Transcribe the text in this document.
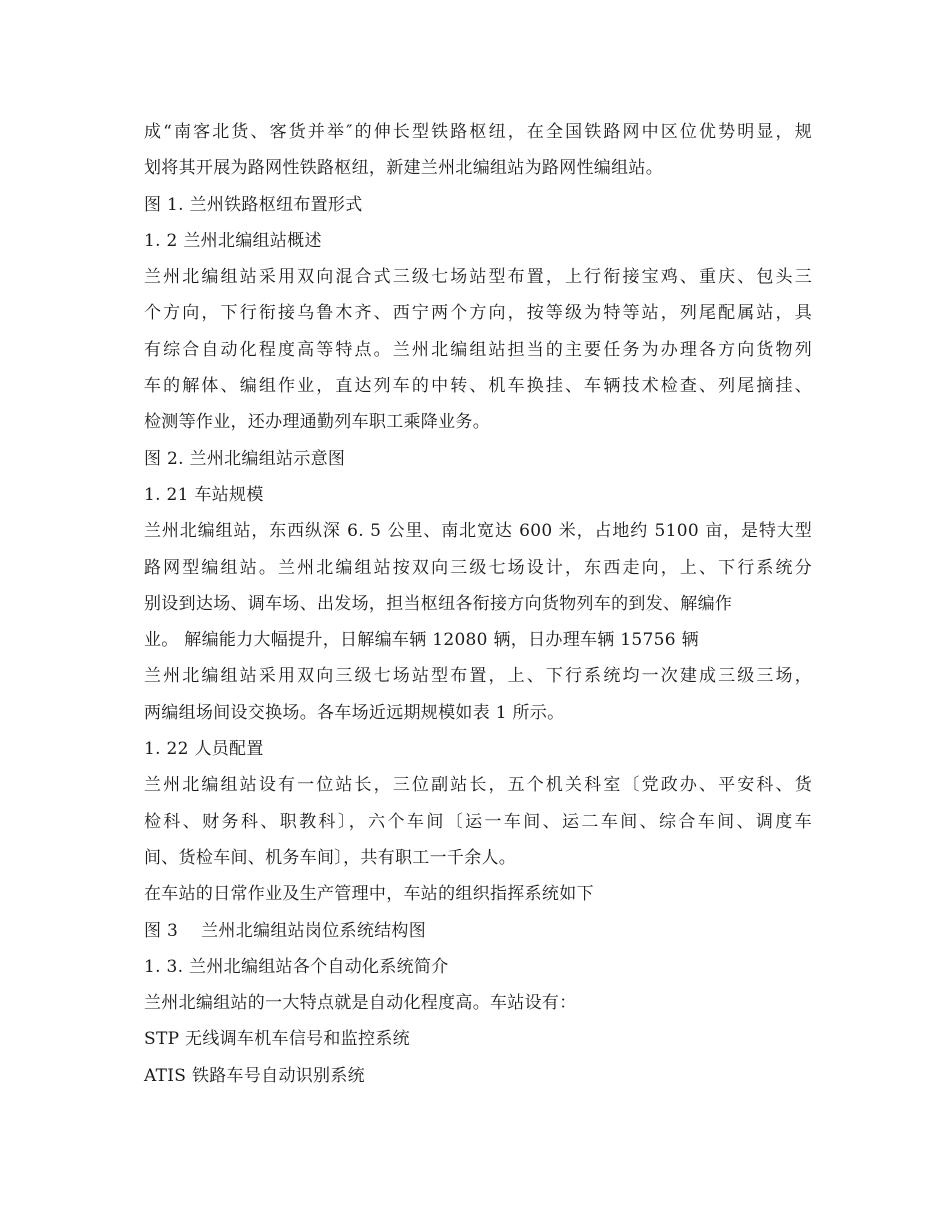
成“南客北货、客货并举″的伸长型铁路枢纽，在全国铁路网中区位优势明显，规
划将其开展为路网性铁路枢纽，新建兰州北编组站为路网性编组站。

图 1. 兰州铁路枢纽布置形式

1. 2 兰州北编组站概述

兰州北编组站采用双向混合式三级七场站型布置，上行衔接宝鸡、重庆、包头三
个方向，下行衔接乌鲁木齐、西宁两个方向，按等级为特等站，列尾配属站，具
有综合自动化程度高等特点。兰州北编组站担当的主要任务为办理各方向货物列
车的解体、编组作业，直达列车的中转、机车换挂、车辆技术检查、列尾摘挂、
检测等作业，还办理通勤列车职工乘降业务。

图 2. 兰州北编组站示意图

1. 21 车站规模

兰州北编组站，东西纵深 6. 5 公里、南北宽达 600 米，占地约 5100 亩，是特大型
路网型编组站。兰州北编组站按双向三级七场设计，东西走向，上、下行系统分
别设到达场、调车场、出发场，担当枢纽各衔接方向货物列车的到发、解编作
业。 解编能力大幅提升，日解编车辆 12080 辆，日办理车辆 15756 辆

兰州北编组站采用双向三级七场站型布置，上、下行系统均一次建成三级三场，
两编组场间设交换场。各车场近远期规模如表 1 所示。

1. 22 人员配置

兰州北编组站设有一位站长，三位副站长，五个机关科室〔党政办、平安科、货
检科、财务科、职教科〕，六个车间〔运一车间、运二车间、综合车间、调度车
间、货检车间、机务车间〕，共有职工一千余人。

在车站的日常作业及生产管理中，车站的组织指挥系统如下

图 3　 兰州北编组站岗位系统结构图

1. 3. 兰州北编组站各个自动化系统简介

兰州北编组站的一大特点就是自动化程度高。车站设有：

STP 无线调车机车信号和监控系统

ATIS 铁路车号自动识别系统
